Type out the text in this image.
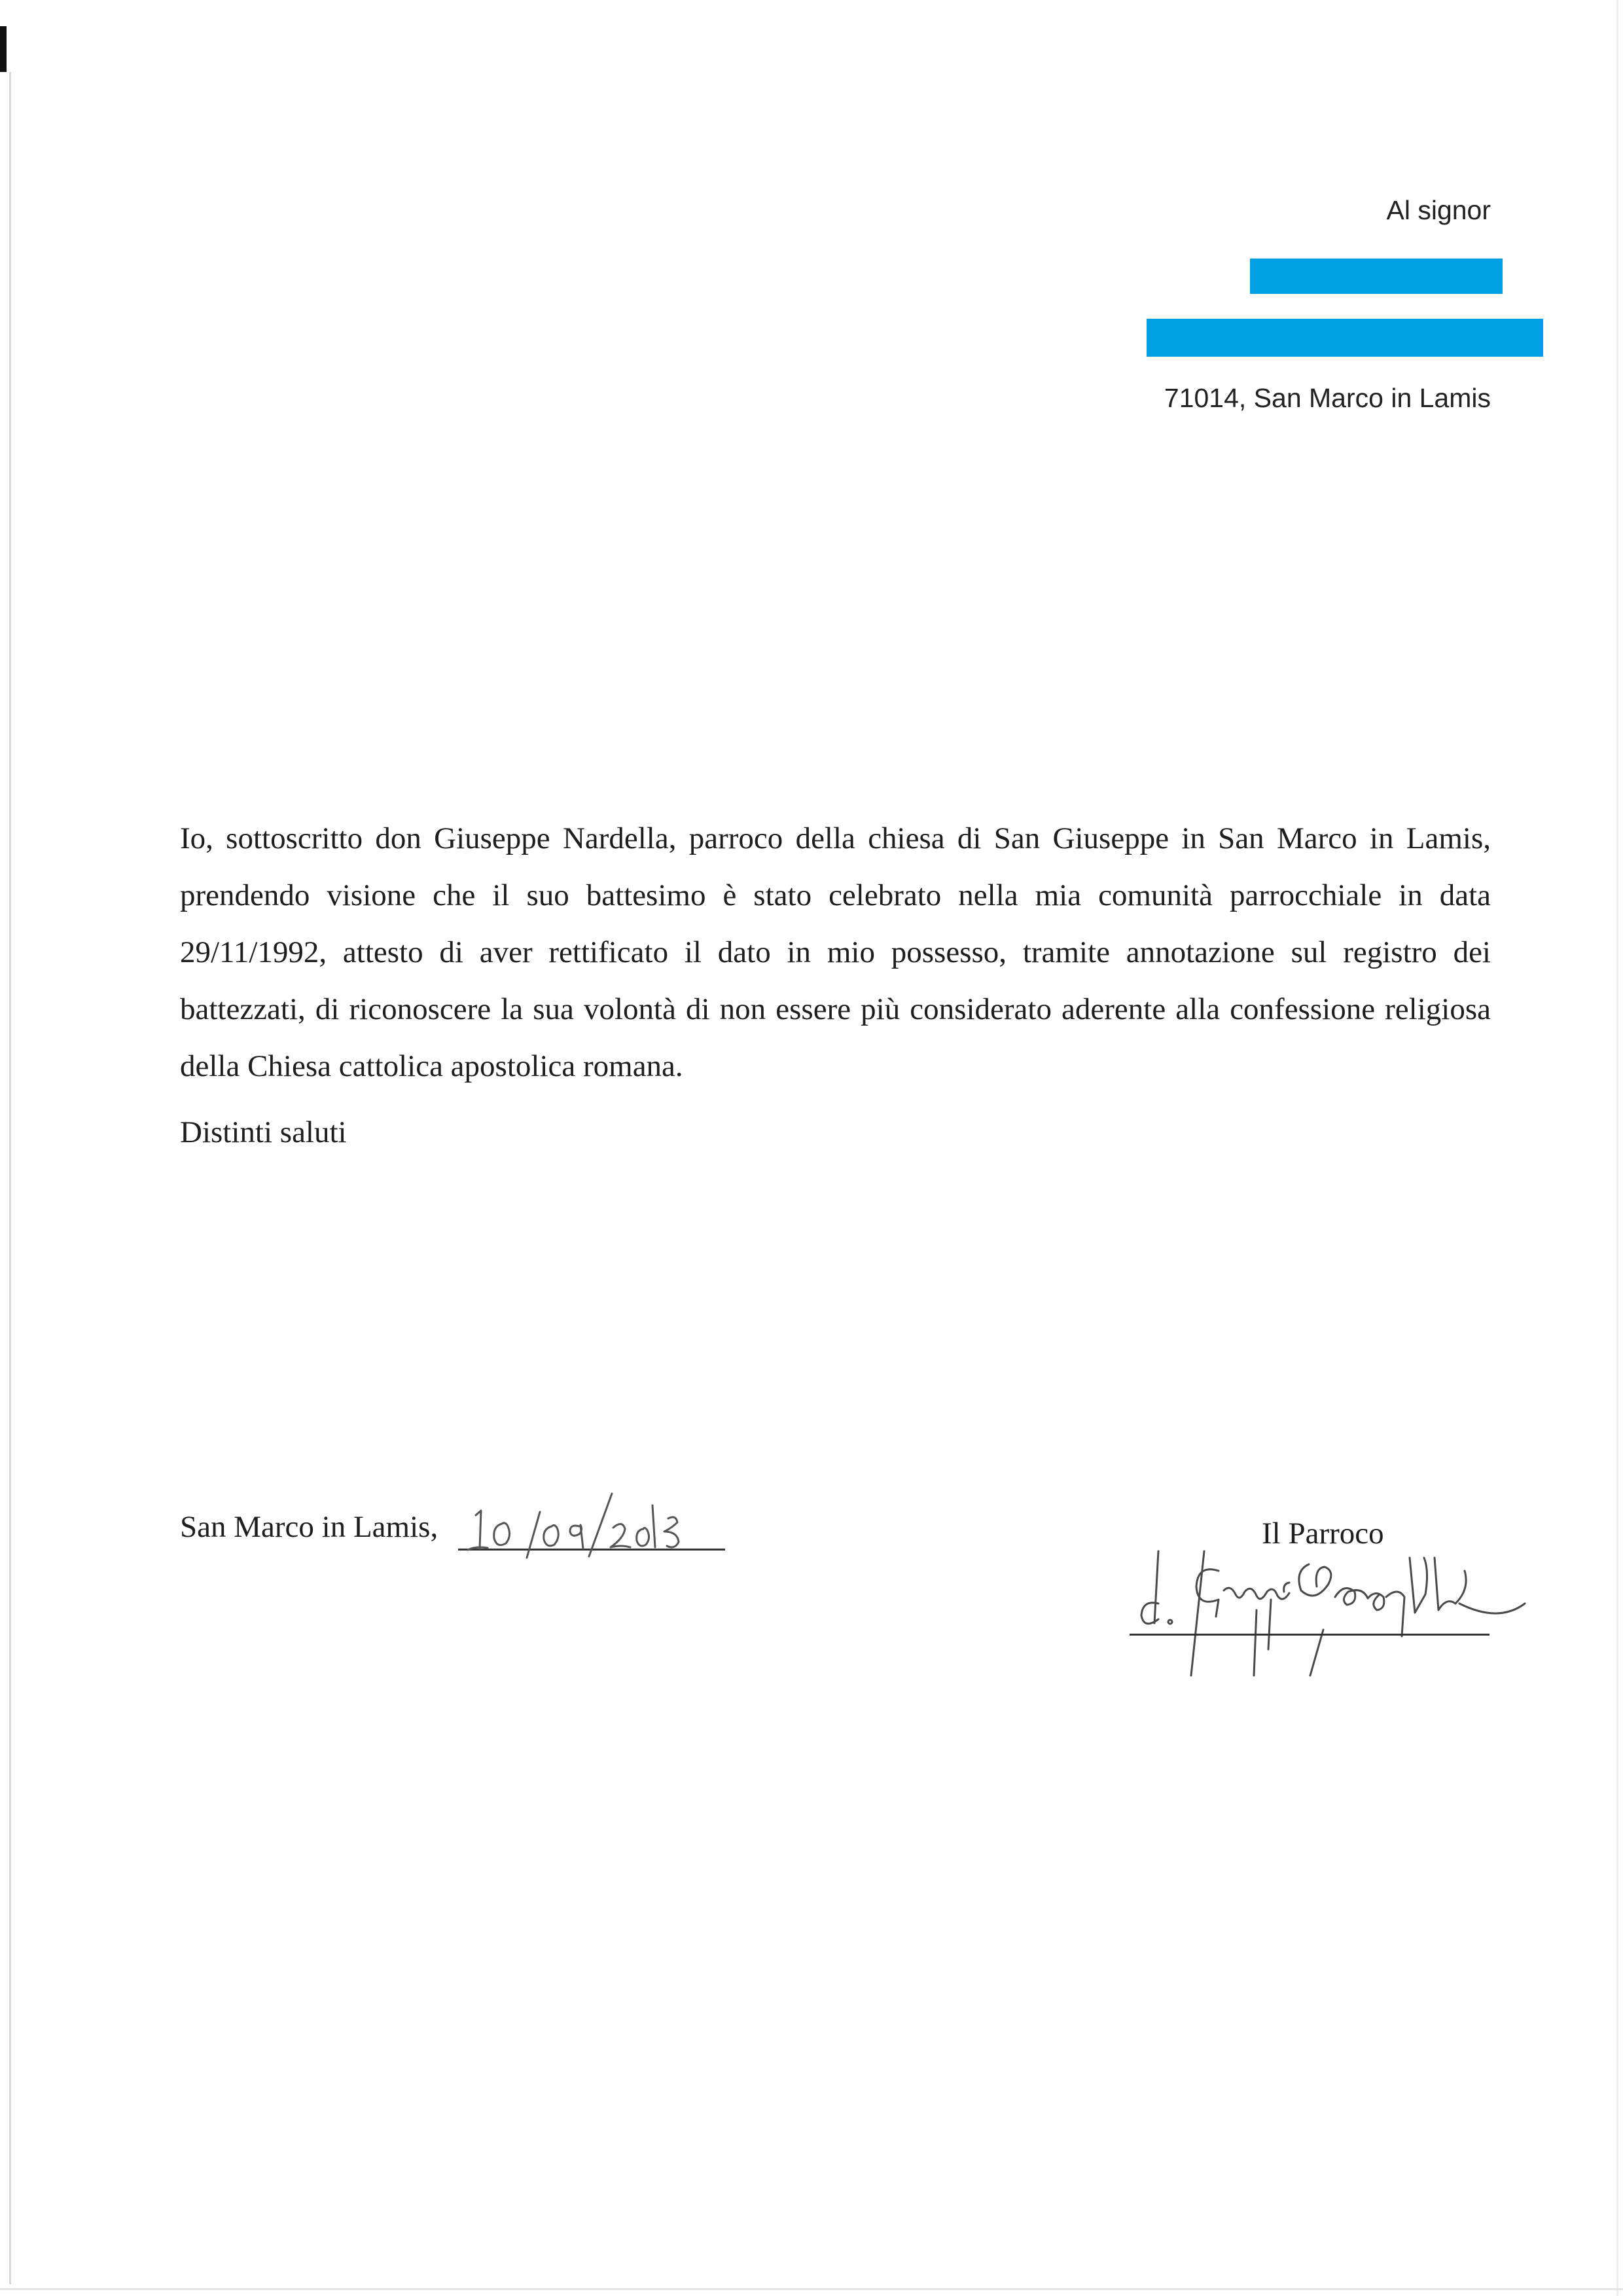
Al signor
71014, San Marco in Lamis
Io, sottoscritto don Giuseppe Nardella, parroco della chiesa di San Giuseppe in San Marco in Lamis, prendendo visione che il suo battesimo è stato celebrato nella mia comunità parrocchiale in data 29/11/1992, attesto di aver rettificato il dato in mio possesso, tramite annotazione sul registro dei battezzati, di riconoscere la sua volontà di non essere più considerato aderente alla confessione religiosa della Chiesa cattolica apostolica romana.
Distinti saluti
San Marco in Lamis,	Il Parroco
